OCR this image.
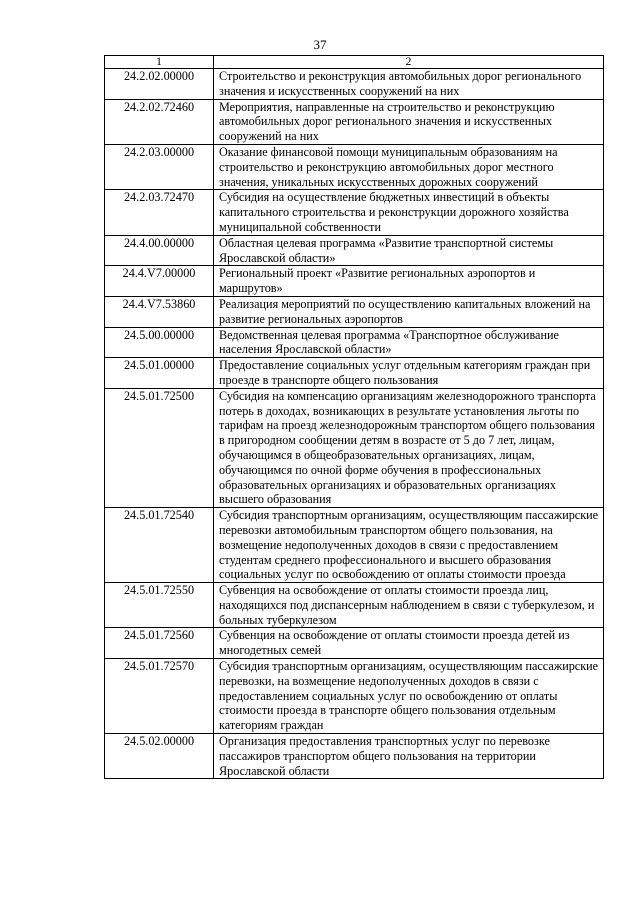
37
1	2
24.2.02.00000	Строительство и реконструкция автомобильных дорог регионального значения и искусственных сооружений на них
24.2.02.72460	Мероприятия, направленные на строительство и реконструкцию автомобильных дорог регионального значения и искусственных сооружений на них
24.2.03.00000	Оказание финансовой помощи муниципальным образованиям на строительство и реконструкцию автомобильных дорог местного значения, уникальных искусственных дорожных сооружений
24.2.03.72470	Субсидия на осуществление бюджетных инвестиций в объекты капитального строительства и реконструкции дорожного хозяйства муниципальной собственности
24.4.00.00000	Областная целевая программа «Развитие транспортной системы Ярославской области»
24.4.V7.00000	Региональный проект «Развитие региональных аэропортов и маршрутов»
24.4.V7.53860	Реализация мероприятий по осуществлению капитальных вложений на развитие региональных аэропортов
24.5.00.00000	Ведомственная целевая программа «Транспортное обслуживание населения Ярославской области»
24.5.01.00000	Предоставление социальных услуг отдельным категориям граждан при проезде в транспорте общего пользования
24.5.01.72500	Субсидия на компенсацию организациям железнодорожного транспорта потерь в доходах, возникающих в результате установления льготы по тарифам на проезд железнодорожным транспортом общего пользования в пригородном сообщении детям в возрасте от 5 до 7 лет, лицам, обучающимся в общеобразовательных организациях, лицам, обучающимся по очной форме обучения в профессиональных образовательных организациях и образовательных организациях высшего образования
24.5.01.72540	Субсидия транспортным организациям, осуществляющим пассажирские перевозки автомобильным транспортом общего пользования, на возмещение недополученных доходов в связи с предоставлением студентам среднего профессионального и высшего образования социальных услуг по освобождению от оплаты стоимости проезда
24.5.01.72550	Субвенция на освобождение от оплаты стоимости проезда лиц, находящихся под диспансерным наблюдением в связи с туберкулезом, и больных туберкулезом
24.5.01.72560	Субвенция на освобождение от оплаты стоимости проезда детей из многодетных семей
24.5.01.72570	Субсидия транспортным организациям, осуществляющим пассажирские перевозки, на возмещение недополученных доходов в связи с предоставлением социальных услуг по освобождению от оплаты стоимости проезда в транспорте общего пользования отдельным категориям граждан
24.5.02.00000	Организация предоставления транспортных услуг по перевозке пассажиров транспортом общего пользования на территории Ярославской области
